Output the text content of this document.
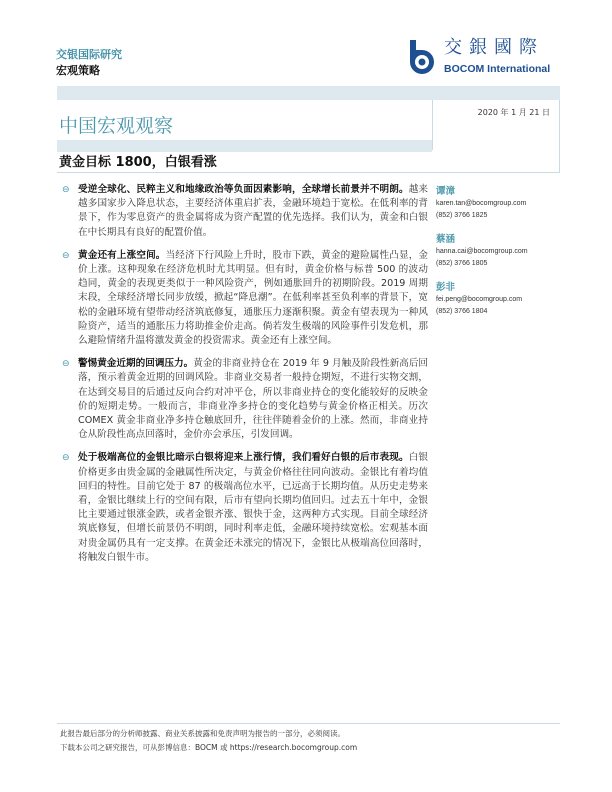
交银国际研究
宏观策略
交銀國際
BOCOM International
2020 年 1 月 21 日
中国宏观观察
黄金目标 1800，白银看涨
⊖ 受逆全球化、民粹主义和地缘政治等负面因素影响，全球增长前景并不明朗。越来越多国家步入降息状态，主要经济体重启扩表，金融环境趋于宽松。在低利率的背景下，作为零息资产的贵金属将成为资产配置的优先选择。我们认为，黄金和白银在中长期具有良好的配置价值。
⊖ 黄金还有上涨空间。当经济下行风险上升时，股市下跌，黄金的避险属性凸显，金价上涨。这种现象在经济危机时尤其明显。但有时，黄金价格与标普 500 的波动趋同，黄金的表现更类似于一种风险资产，例如通胀回升的初期阶段。2019 周期末段，全球经济增长同步放缓，掀起“降息潮”。在低利率甚至负利率的背景下，宽松的金融环境有望带动经济筑底修复，通胀压力逐渐积聚。黄金有望表现为一种风险资产，适当的通胀压力将助推金价走高。倘若发生极端的风险事件引发危机，那么避险情绪升温将激发黄金的投资需求。黄金还有上涨空间。
⊖ 警惕黄金近期的回调压力。黄金的非商业持仓在 2019 年 9 月触及阶段性新高后回落，预示着黄金近期的回调风险。非商业交易者一般持仓期短，不进行实物交割，在达到交易目的后通过反向合约对冲平仓，所以非商业持仓的变化能较好的反映金价的短期走势。一般而言，非商业净多持仓的变化趋势与黄金价格正相关。历次 COMEX 黄金非商业净多持仓触底回升，往往伴随着金价的上涨。然而，非商业持仓从阶段性高点回落时，金价亦会承压，引发回调。
⊖ 处于极端高位的金银比暗示白银将迎来上涨行情，我们看好白银的后市表现。白银价格更多由贵金属的金融属性所决定，与黄金价格往往同向波动。金银比有着均值回归的特性。目前它处于 87 的极端高位水平，已远高于长期均值。从历史走势来看，金银比继续上行的空间有限，后市有望向长期均值回归。过去五十年中，金银比主要通过银涨金跌，或者金银齐涨、银快于金，这两种方式实现。目前全球经济筑底修复，但增长前景仍不明朗，同时利率走低，金融环境持续宽松。宏观基本面对贵金属仍具有一定支撑。在黄金还未涨完的情况下，金银比从极端高位回落时，将触发白银牛市。
谭漳
karen.tan@bocomgroup.com
(852) 3766 1825
蔡涵
hanna.cai@bocomgroup.com
(852) 3766 1805
彭非
fei.peng@bocomgroup.com
(852) 3766 1804
此报告最后部分的分析师披露、商业关系披露和免责声明为报告的一部分，必须阅读。
下载本公司之研究报告，可从彭博信息：BOCM 或 https://research.bocomgroup.com
